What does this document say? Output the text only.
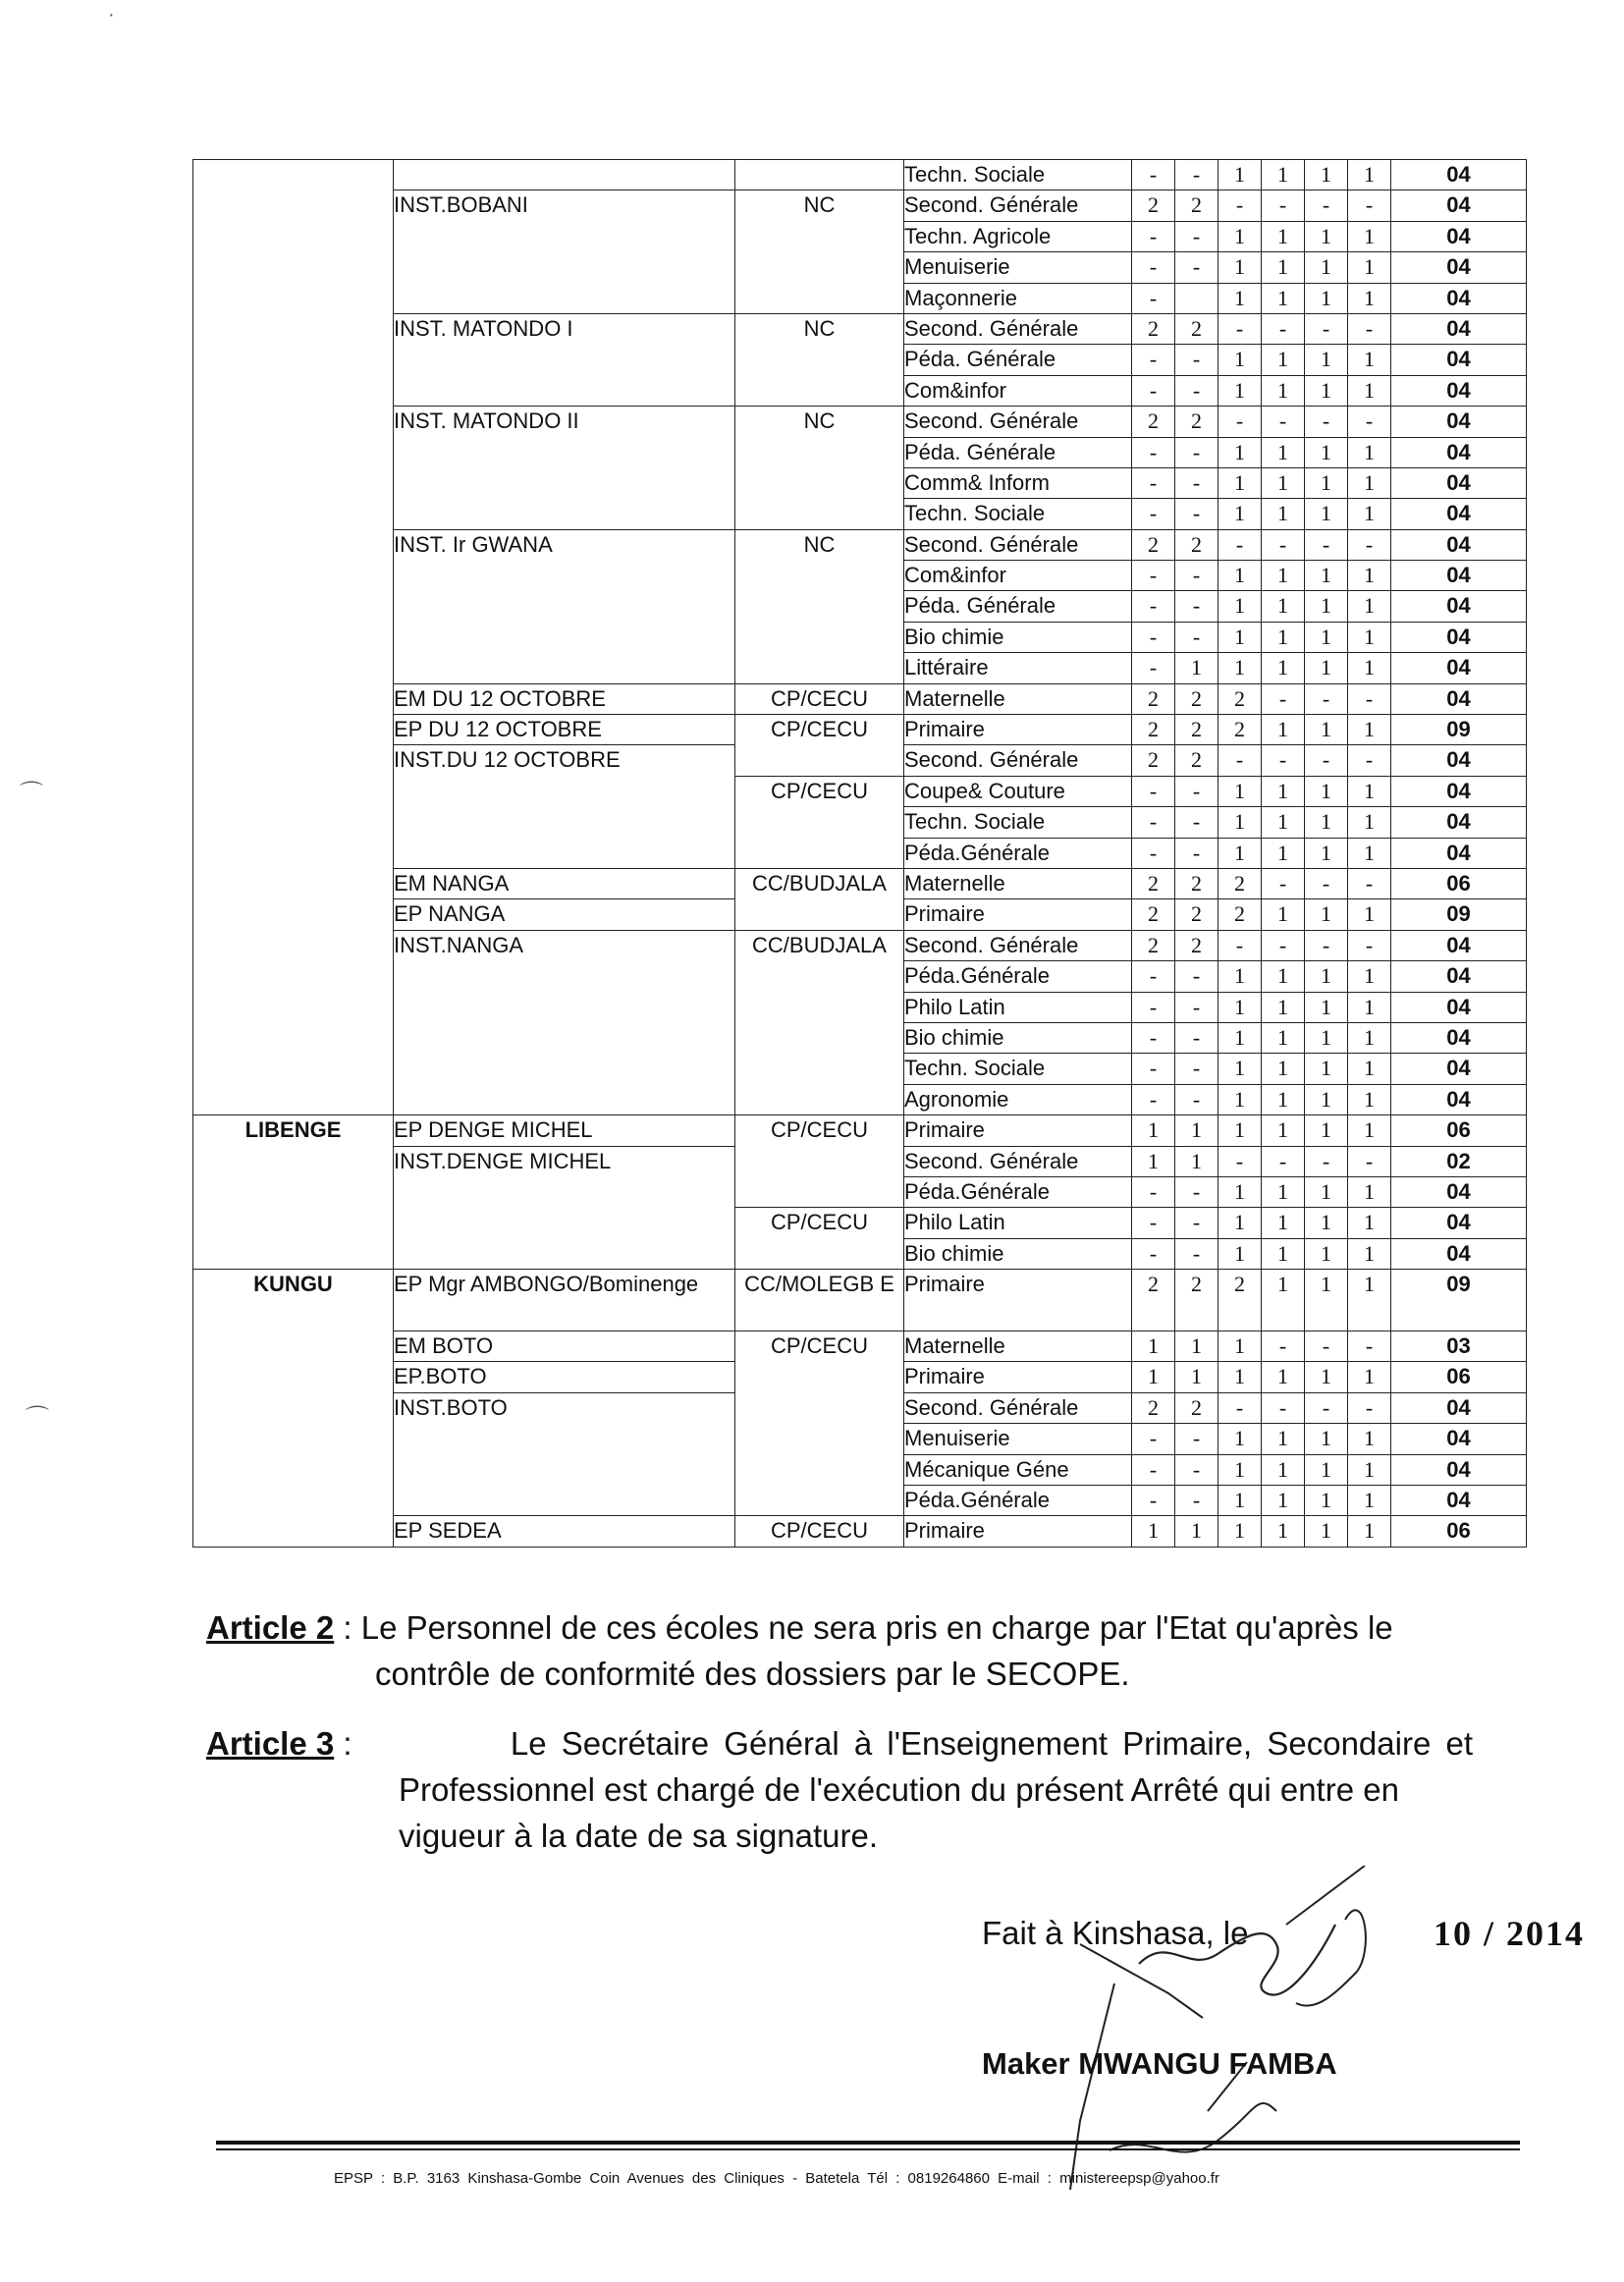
			Techn. Sociale	-	-	1	1	1	1	04
	INST.BOBANI	NC	Second. Générale	2	2	-	-	-	-	04
			Techn. Agricole	-	-	1	1	1	1	04
			Menuiserie	-	-	1	1	1	1	04
			Maçonnerie	-		1	1	1	1	04
	INST. MATONDO I	NC	Second. Générale	2	2	-	-	-	-	04
			Péda. Générale	-	-	1	1	1	1	04
			Com&infor	-	-	1	1	1	1	04
	INST. MATONDO II	NC	Second. Générale	2	2	-	-	-	-	04
			Péda. Générale	-	-	1	1	1	1	04
			Comm& Inform	-	-	1	1	1	1	04
			Techn. Sociale	-	-	1	1	1	1	04
	INST. Ir GWANA	NC	Second. Générale	2	2	-	-	-	-	04
			Com&infor	-	-	1	1	1	1	04
			Péda. Générale	-	-	1	1	1	1	04
			Bio chimie	-	-	1	1	1	1	04
			Littéraire	-	1	1	1	1	1	04
	EM DU 12 OCTOBRE	CP/CECU	Maternelle	2	2	2	-	-	-	04
	EP DU 12 OCTOBRE	CP/CECU	Primaire	2	2	2	1	1	1	09
	INST.DU 12 OCTOBRE		Second. Générale	2	2	-	-	-	-	04
		CP/CECU	Coupe& Couture	-	-	1	1	1	1	04
			Techn. Sociale	-	-	1	1	1	1	04
			Péda.Générale	-	-	1	1	1	1	04
	EM NANGA	CC/BUDJALA	Maternelle	2	2	2	-	-	-	06
	EP NANGA		Primaire	2	2	2	1	1	1	09
	INST.NANGA	CC/BUDJALA	Second. Générale	2	2	-	-	-	-	04
			Péda.Générale	-	-	1	1	1	1	04
			Philo Latin	-	-	1	1	1	1	04
			Bio chimie	-	-	1	1	1	1	04
			Techn. Sociale	-	-	1	1	1	1	04
			Agronomie	-	-	1	1	1	1	04
LIBENGE	EP DENGE MICHEL	CP/CECU	Primaire	1	1	1	1	1	1	06
	INST.DENGE MICHEL		Second. Générale	1	1	-	-	-	-	02
			Péda.Générale	-	-	1	1	1	1	04
		CP/CECU	Philo Latin	-	-	1	1	1	1	04
			Bio chimie	-	-	1	1	1	1	04
KUNGU	EP Mgr AMBONGO/Bominenge	CC/MOLEGB E	Primaire	2	2	2	1	1	1	09
	EM BOTO	CP/CECU	Maternelle	1	1	1	-	-	-	03
	EP.BOTO		Primaire	1	1	1	1	1	1	06
	INST.BOTO		Second. Générale	2	2	-	-	-	-	04
			Menuiserie	-	-	1	1	1	1	04
			Mécanique Géne	-	-	1	1	1	1	04
			Péda.Générale	-	-	1	1	1	1	04
	EP SEDEA	CP/CECU	Primaire	1	1	1	1	1	1	06
Article 2 : Le Personnel de ces écoles ne sera pris en charge par l'Etat qu'après le
contrôle de conformité des dossiers par le SECOPE.
Article 3 :	Le Secrétaire Général à l'Enseignement Primaire, Secondaire et
Professionnel est chargé de l'exécution du présent Arrêté qui entre en
vigueur à la date de sa signature.
Fait à Kinshasa, le	10 / 2014
Maker MWANGU FAMBA
EPSP : B.P. 3163 Kinshasa-Gombe Coin Avenues des Cliniques - Batetela Tél : 0819264860 E-mail : ministereepsp@yahoo.fr
·
⌒
⌒
